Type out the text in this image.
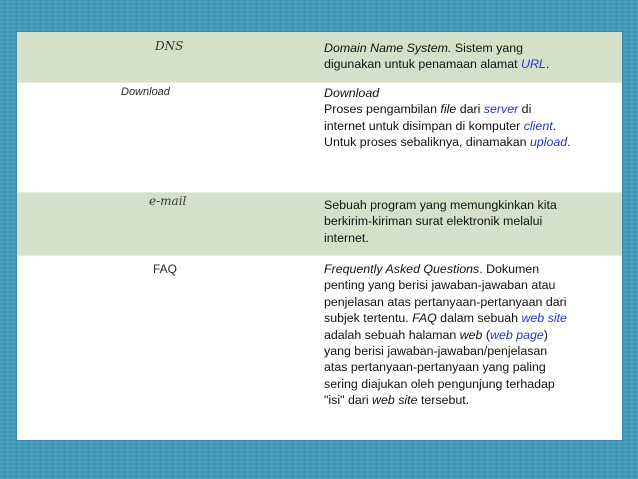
DNS	Domain Name System. Sistem yang
digunakan untuk penamaan alamat URL.
Download	Download
Proses pengambilan file dari server di
internet untuk disimpan di komputer client.
Untuk proses sebaliknya, dinamakan upload.
e-mail	Sebuah program yang memungkinkan kita
berkirim-kiriman surat elektronik melalui
internet.
FAQ	Frequently Asked Questions. Dokumen
penting yang berisi jawaban-jawaban atau
penjelasan atas pertanyaan-pertanyaan dari
subjek tertentu. FAQ dalam sebuah web site
adalah sebuah halaman web (web page)
yang berisi jawaban-jawaban/penjelasan
atas pertanyaan-pertanyaan yang paling
sering diajukan oleh pengunjung terhadap
"isi" dari web site tersebut.
